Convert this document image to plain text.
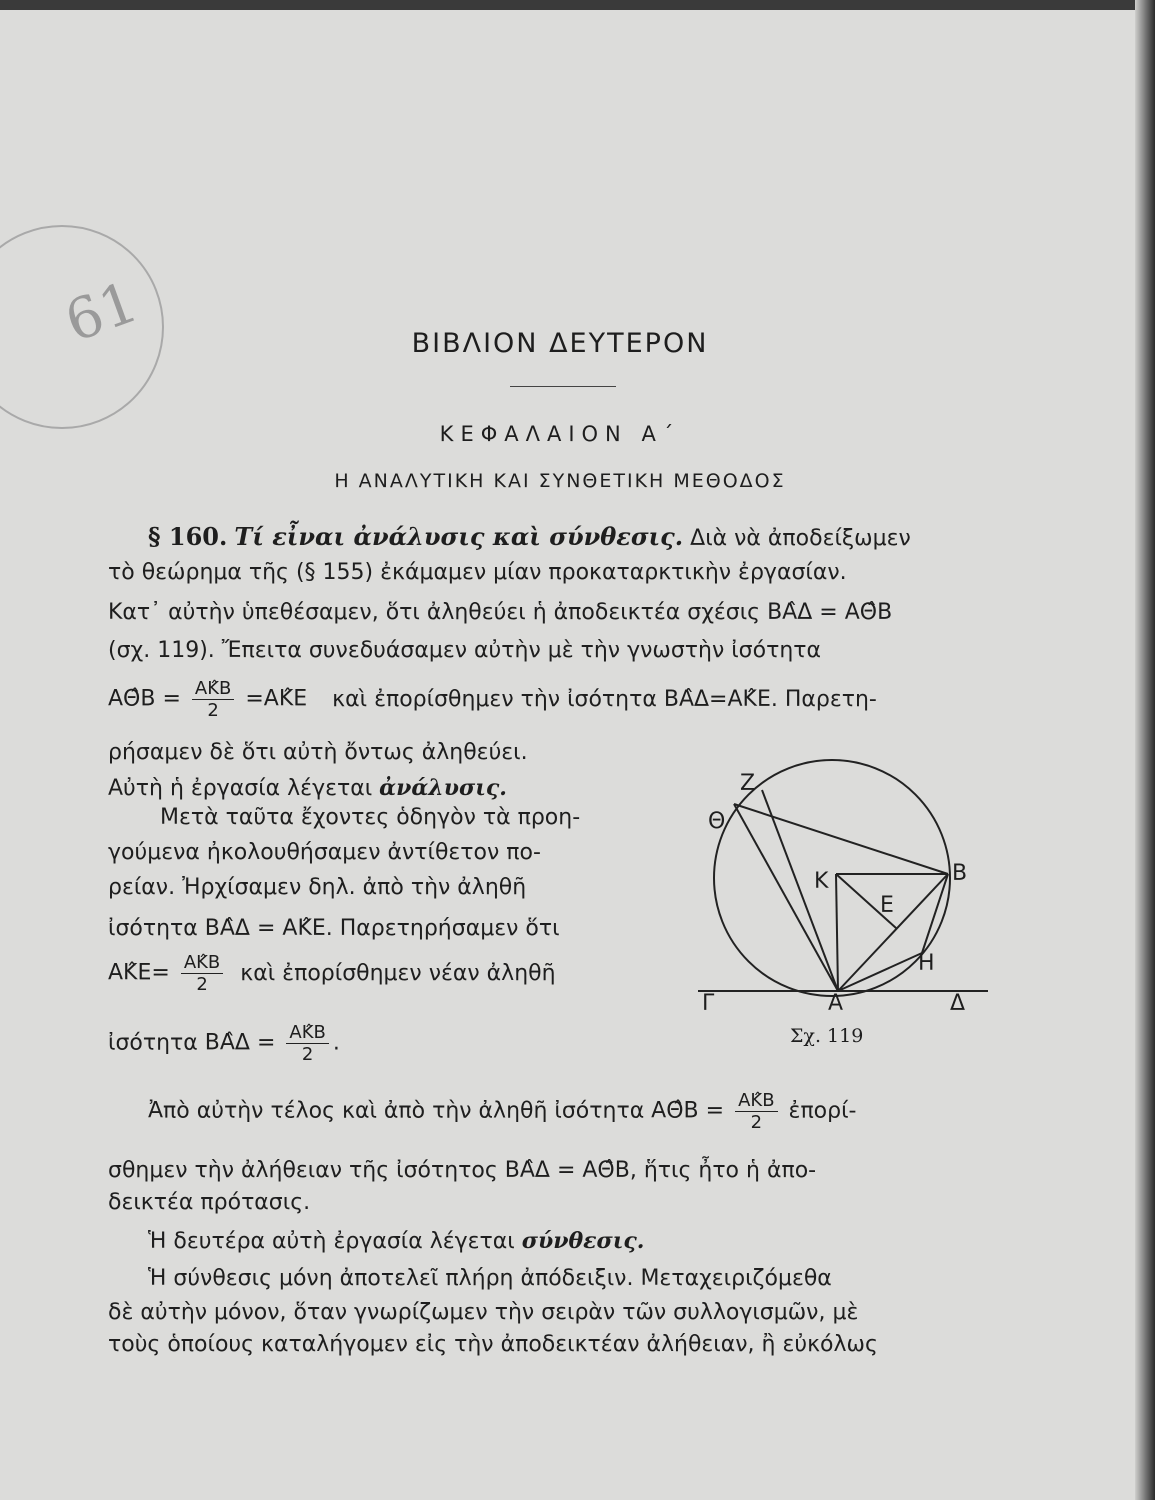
61	ΒΙΒΛΙΟΝ ΔΕΥΤΕΡΟΝ
ΚΕΦΑΛΑΙΟΝ Α΄
Η ΑΝΑΛΥΤΙΚΗ ΚΑΙ ΣΥΝΘΕΤΙΚΗ ΜΕΘΟΔΟΣ
§ 160. Τί εἶναι ἀνάλυσις καὶ σύνθεσις. Διὰ νὰ ἀποδείξωμεν
τὸ θεώρημα τῆς (§ 155) ἐκάμαμεν μίαν προκαταρκτικὴν ἐργασίαν.
Κατ᾽ αὐτὴν ὑπεθέσαμεν, ὅτι ἀληθεύει ἡ ἀποδεικτέα σχέσις ΒΑ̂Δ = ΑΘ̂Β
(σχ. 119). Ἔπειτα συνεδυάσαμεν αὐτὴν μὲ τὴν γνωστὴν ἰσότητα
ΑΘ̂Β = $\frac{AK̂B}{2}$ =ΑΚ̂Ε καὶ ἐπορίσθημεν τὴν ἰσότητα ΒΑ̂Δ=ΑΚ̂Ε. Παρετη-
ρήσαμεν δὲ ὅτι αὐτὴ ὄντως ἀληθεύει.
Αὐτὴ ἡ ἐργασία λέγεται ἀνάλυσις.
Μετὰ ταῦτα ἔχοντες ὁδηγὸν τὰ προη-
γούμενα ἠκολουθήσαμεν ἀντίθετον πο-
ρείαν. Ἠρχίσαμεν δηλ. ἀπὸ τὴν ἀληθῆ
ἰσότητα ΒΑ̂Δ = ΑΚ̂Ε. Παρετηρήσαμεν ὅτι
ΑΚ̂Ε= $\frac{AK̂B}{2}$ καὶ ἐπορίσθημεν νέαν ἀληθῆ
ἰσότητα ΒΑ̂Δ = $\frac{AK̂B}{2}$ .
Ζ
Θ
Κ	Β
Ε
Η
Γ	Α	Δ
Σχ. 119
Ἀπὸ αὐτὴν τέλος καὶ ἀπὸ τὴν ἀληθῆ ἰσότητα ΑΘ̂Β = $\frac{AK̂B}{2}$ ἐπορί-
σθημεν τὴν ἀλήθειαν τῆς ἰσότητος ΒΑ̂Δ = ΑΘ̂Β, ἥτις ἦτο ἡ ἀπο-
δεικτέα πρότασις.
Ἡ δευτέρα αὐτὴ ἐργασία λέγεται σύνθεσις.
Ἡ σύνθεσις μόνη ἀποτελεῖ πλήρη ἀπόδειξιν. Μεταχειριζόμεθα
δὲ αὐτὴν μόνον, ὅταν γνωρίζωμεν τὴν σειρὰν τῶν συλλογισμῶν, μὲ
τοὺς ὁποίους καταλήγομεν εἰς τὴν ἀποδεικτέαν ἀλήθειαν, ἢ εὐκόλως
